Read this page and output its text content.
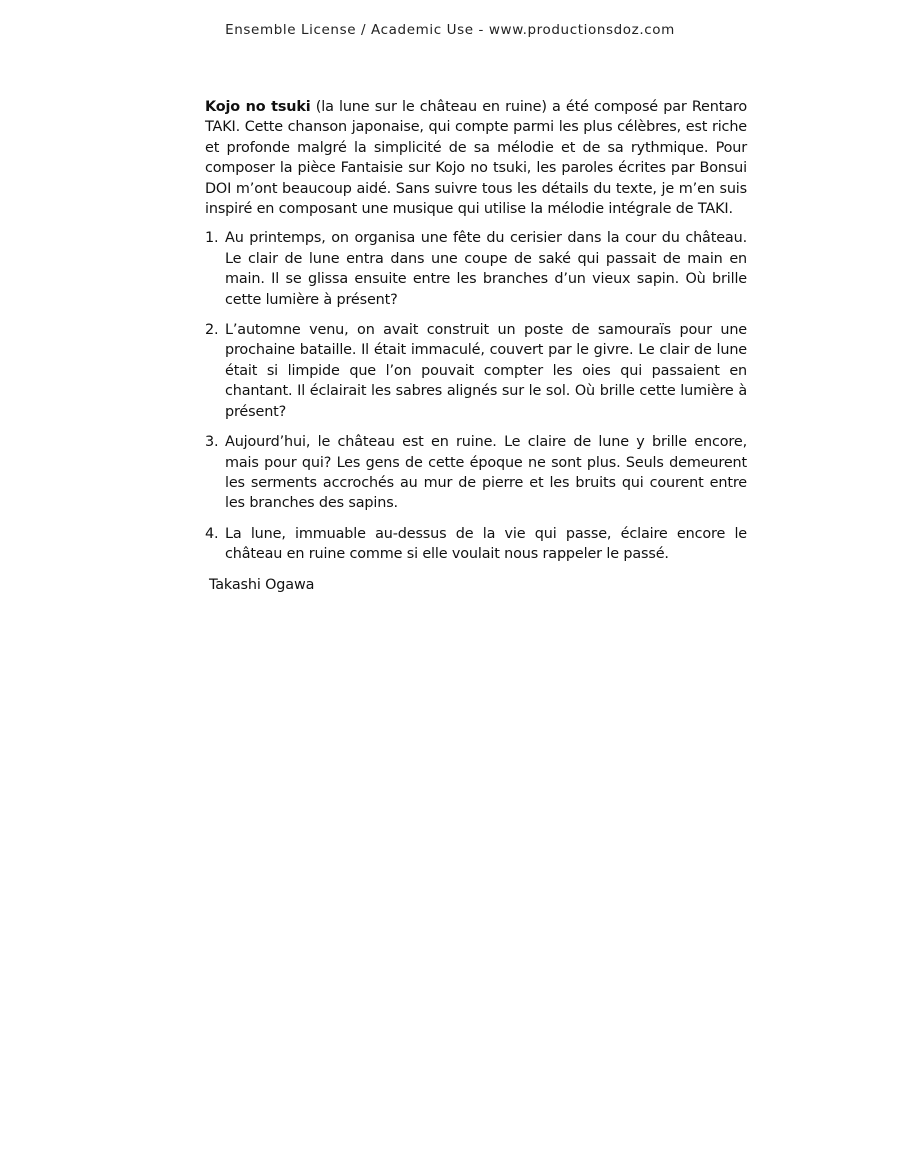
Ensemble License / Academic Use - www.productionsdoz.com

Kojo no tsuki (la lune sur le château en ruine) a été composé par Rentaro TAKI. Cette chanson japonaise, qui compte parmi les plus célèbres, est riche et profonde malgré la simplicité de sa mélodie et de sa rythmique. Pour composer la pièce Fantaisie sur Kojo no tsuki, les paroles écrites par Bonsui DOI m’ont beaucoup aidé. Sans suivre tous les détails du texte, je m’en suis inspiré en composant une musique qui utilise la mélodie intégrale de TAKI.

1. Au printemps, on organisa une fête du cerisier dans la cour du château. Le clair de lune entra dans une coupe de saké qui passait de main en main. Il se glissa ensuite entre les branches d’un vieux sapin. Où brille cette lumière à présent?
2. L’automne venu, on avait construit un poste de samouraïs pour une prochaine bataille. Il était immaculé, couvert par le givre. Le clair de lune était si limpide que l’on pouvait compter les oies qui passaient en chantant. Il éclairait les sabres alignés sur le sol. Où brille cette lumière à présent?
3. Aujourd’hui, le château est en ruine. Le claire de lune y brille encore, mais pour qui? Les gens de cette époque ne sont plus. Seuls demeurent les serments accrochés au mur de pierre et les bruits qui courent entre les branches des sapins.
4. La lune, immuable au-dessus de la vie qui passe, éclaire encore le château en ruine comme si elle voulait nous rappeler le passé.

Takashi Ogawa
